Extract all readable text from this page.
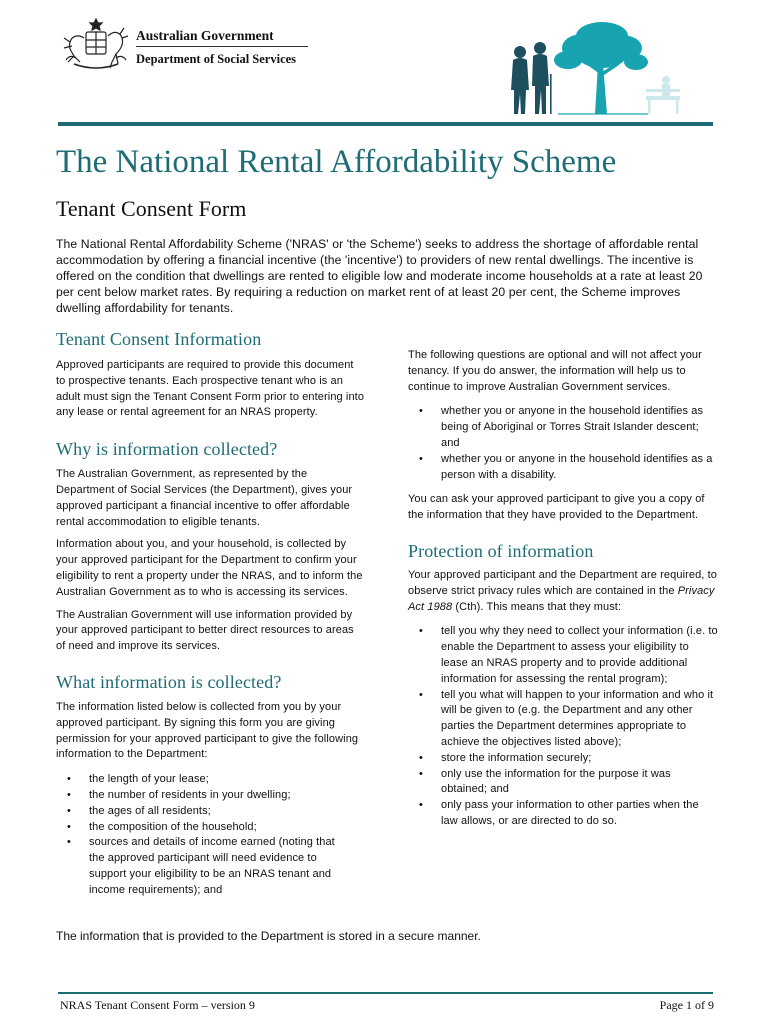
Australian Government
Department of Social Services
The National Rental Affordability Scheme
Tenant Consent Form
The National Rental Affordability Scheme ('NRAS' or 'the Scheme') seeks to address the shortage of affordable rental accommodation by offering a financial incentive (the 'incentive') to providers of new rental dwellings. The incentive is offered on the condition that dwellings are rented to eligible low and moderate income households at a rate at least 20 per cent below market rates. By requiring a reduction on market rent of at least 20 per cent, the Scheme improves dwelling affordability for tenants.
Tenant Consent Information

Approved participants are required to provide this document to prospective tenants. Each prospective tenant who is an adult must sign the Tenant Consent Form prior to entering into any lease or rental agreement for an NRAS property.

Why is information collected?

The Australian Government, as represented by the Department of Social Services (the Department), gives your approved participant a financial incentive to offer affordable rental accommodation to eligible tenants.

Information about you, and your household, is collected by your approved participant for the Department to confirm your eligibility to rent a property under the NRAS, and to inform the Australian Government as to who is accessing its services.

The Australian Government will use information provided by your approved participant to better direct resources to areas of need and improve its services.

What information is collected?

The information listed below is collected from you by your approved participant. By signing this form you are giving permission for your approved participant to give the following information to the Department:

• the length of your lease;
• the number of residents in your dwelling;
• the ages of all residents;
• the composition of the household;
• sources and details of income earned (noting that the approved participant will need evidence to support your eligibility to be an NRAS tenant and income requirements); and

The following questions are optional and will not affect your tenancy. If you do answer, the information will help us to continue to improve Australian Government services.

• whether you or anyone in the household identifies as being of Aboriginal or Torres Strait Islander descent; and
• whether you or anyone in the household identifies as a person with a disability.

You can ask your approved participant to give you a copy of the information that they have provided to the Department.

Protection of information

Your approved participant and the Department are required, to observe strict privacy rules which are contained in the Privacy Act 1988 (Cth). This means that they must:

• tell you why they need to collect your information (i.e. to enable the Department to assess your eligibility to lease an NRAS property and to provide additional information for assessing the rental program);
• tell you what will happen to your information and who it will be given to (e.g. the Department and any other parties the Department determines appropriate to achieve the objectives listed above);
• store the information securely;
• only use the information for the purpose it was obtained; and
• only pass your information to other parties when the law allows, or are directed to do so.
The information that is provided to the Department is stored in a secure manner.
NRAS Tenant Consent Form – version 9	Page 1 of 9
